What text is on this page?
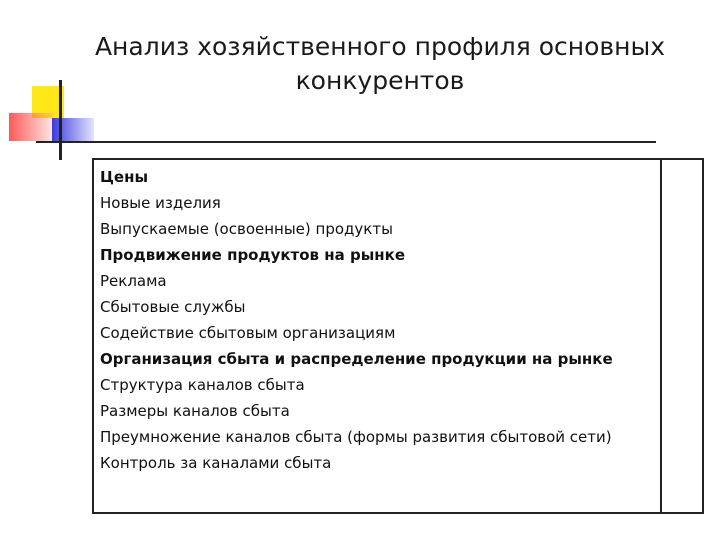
Анализ хозяйственного профиля основных
конкурентов
Цены
Новые изделия
Выпускаемые (освоенные) продукты
Продвижение продуктов на рынке
Реклама
Сбытовые службы
Содействие сбытовым организациям
Организация сбыта и распределение продукции на рынке
Структура каналов сбыта
Размеры каналов сбыта
Преумножение каналов сбыта (формы развития сбытовой сети)
Контроль за каналами сбыта
